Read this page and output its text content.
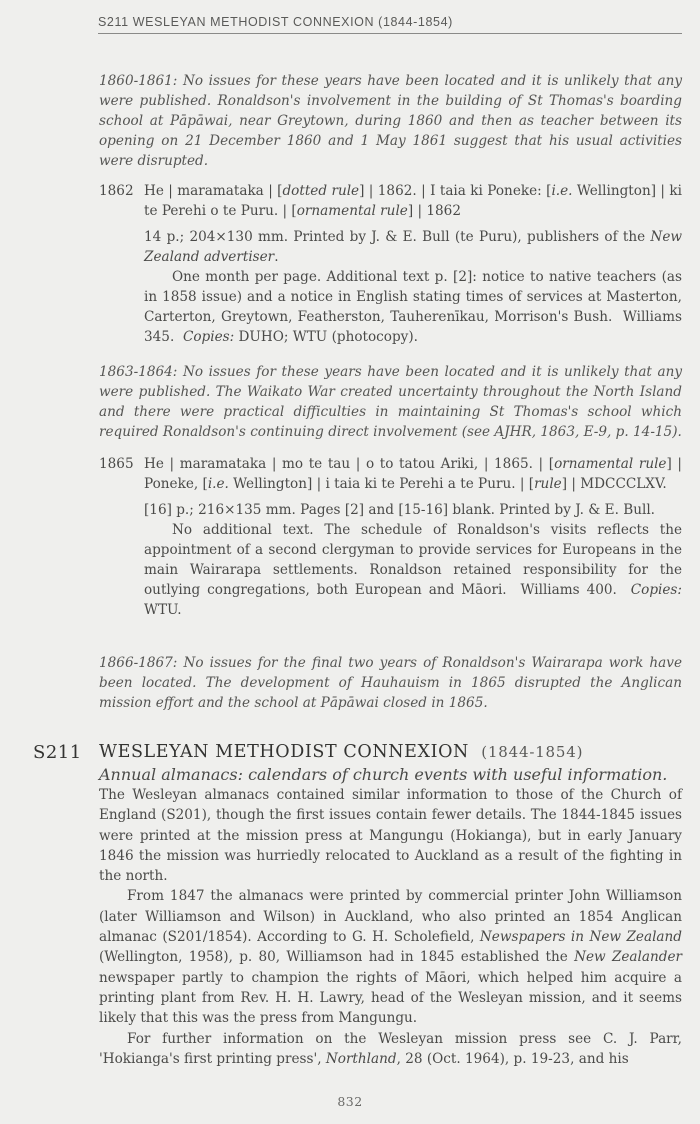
S211 WESLEYAN METHODIST CONNEXION (1844-1854)
1860-1861: No issues for these years have been located and it is unlikely that any were published. Ronaldson's involvement in the building of St Thomas's boarding school at Pāpāwai, near Greytown, during 1860 and then as teacher between its opening on 21 December 1860 and 1 May 1861 suggest that his usual activities were disrupted.
1862 He | maramataka | [dotted rule] | 1862. | I taia ki Poneke: [i.e. Wellington] | ki te Perehi o te Puru. | [ornamental rule] | 1862
14 p.; 204×130 mm. Printed by J. & E. Bull (te Puru), publishers of the New Zealand advertiser.
One month per page. Additional text p. [2]: notice to native teachers (as in 1858 issue) and a notice in English stating times of services at Masterton, Carterton, Greytown, Featherston, Tauherenīkau, Morrison's Bush. Williams 345. Copies: DUHO; WTU (photocopy).
1863-1864: No issues for these years have been located and it is unlikely that any were published. The Waikato War created uncertainty throughout the North Island and there were practical difficulties in maintaining St Thomas's school which required Ronaldson's continuing direct involvement (see AJHR, 1863, E-9, p. 14-15).
1865 He | maramataka | mo te tau | o to tatou Ariki, | 1865. | [ornamental rule] | Poneke, [i.e. Wellington] | i taia ki te Perehi a te Puru. | [rule] | MDCCCLXV.
[16] p.; 216×135 mm. Pages [2] and [15-16] blank. Printed by J. & E. Bull.
No additional text. The schedule of Ronaldson's visits reflects the appointment of a second clergyman to provide services for Europeans in the main Wairarapa settlements. Ronaldson retained responsibility for the outlying congregations, both European and Māori. Williams 400. Copies: WTU.
1866-1867: No issues for the final two years of Ronaldson's Wairarapa work have been located. The development of Hauhauism in 1865 disrupted the Anglican mission effort and the school at Pāpāwai closed in 1865.
S211 WESLEYAN METHODIST CONNEXION (1844-1854)
Annual almanacs: calendars of church events with useful information.

The Wesleyan almanacs contained similar information to those of the Church of England (S201), though the first issues contain fewer details. The 1844-1845 issues were printed at the mission press at Mangungu (Hokianga), but in early January 1846 the mission was hurriedly relocated to Auckland as a result of the fighting in the north.

From 1847 the almanacs were printed by commercial printer John Williamson (later Williamson and Wilson) in Auckland, who also printed an 1854 Anglican almanac (S201/1854). According to G. H. Scholefield, Newspapers in New Zealand (Wellington, 1958), p. 80, Williamson had in 1845 established the New Zealander newspaper partly to champion the rights of Māori, which helped him acquire a printing plant from Rev. H. H. Lawry, head of the Wesleyan mission, and it seems likely that this was the press from Mangungu.

For further information on the Wesleyan mission press see C. J. Parr, 'Hokianga's first printing press', Northland, 28 (Oct. 1964), p. 19-23, and his

832
